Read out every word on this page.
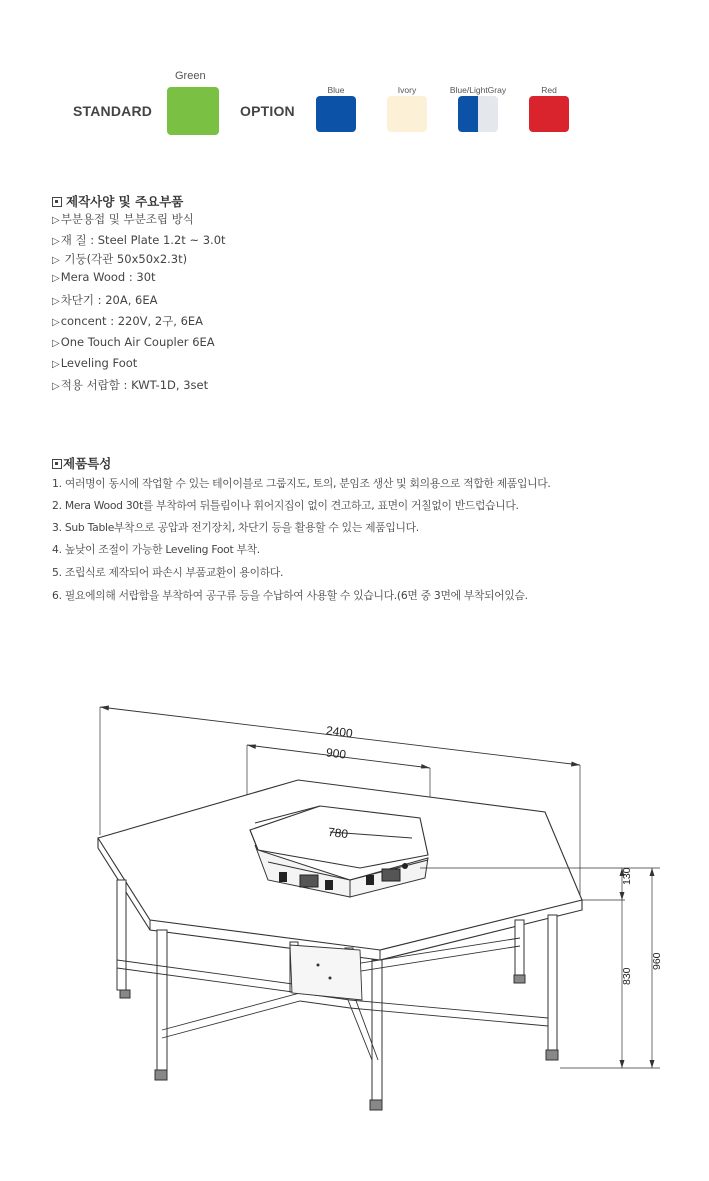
STANDARD
Green
OPTION
Blue	Ivory	Blue/LightGray	Red
제작사양 및 주요부품
▷부분용접 및 부분조립 방식
▷재 질 : Steel Plate 1.2t ~ 3.0t
▷ 기둥(각관 50x50x2.3t)
▷Mera Wood : 30t
▷차단기 : 20A, 6EA
▷concent : 220V, 2구, 6EA
▷One Touch Air Coupler 6EA
▷Leveling Foot
▷적용 서랍함 : KWT-1D, 3set
제품특성
1. 여러명이 동시에 작업할 수 있는 테이이블로 그룹지도, 토의, 분임조 생산 및 회의용으로 적합한 제품입니다.
2. Mera Wood 30t를 부착하여 뒤틀림이나 휘어지집이 없이 견고하고, 표면이 거칠없이 반드럽습니다.
3. Sub Table부착으로 공압과 전기장치, 차단기 등을 활용할 수 있는 제품입니다.
4. 높낮이 조절이 가능한 Leveling Foot 부착.
5. 조립식로 제작되어 파손시 부품교환이 용이하다.
6. 필요에의해 서랍함을 부착하여 공구류 등을 수납하여 사용할 수 있습니다.(6면 중 3면에 부착되어있슴.
2400
900
780
130
830
960
